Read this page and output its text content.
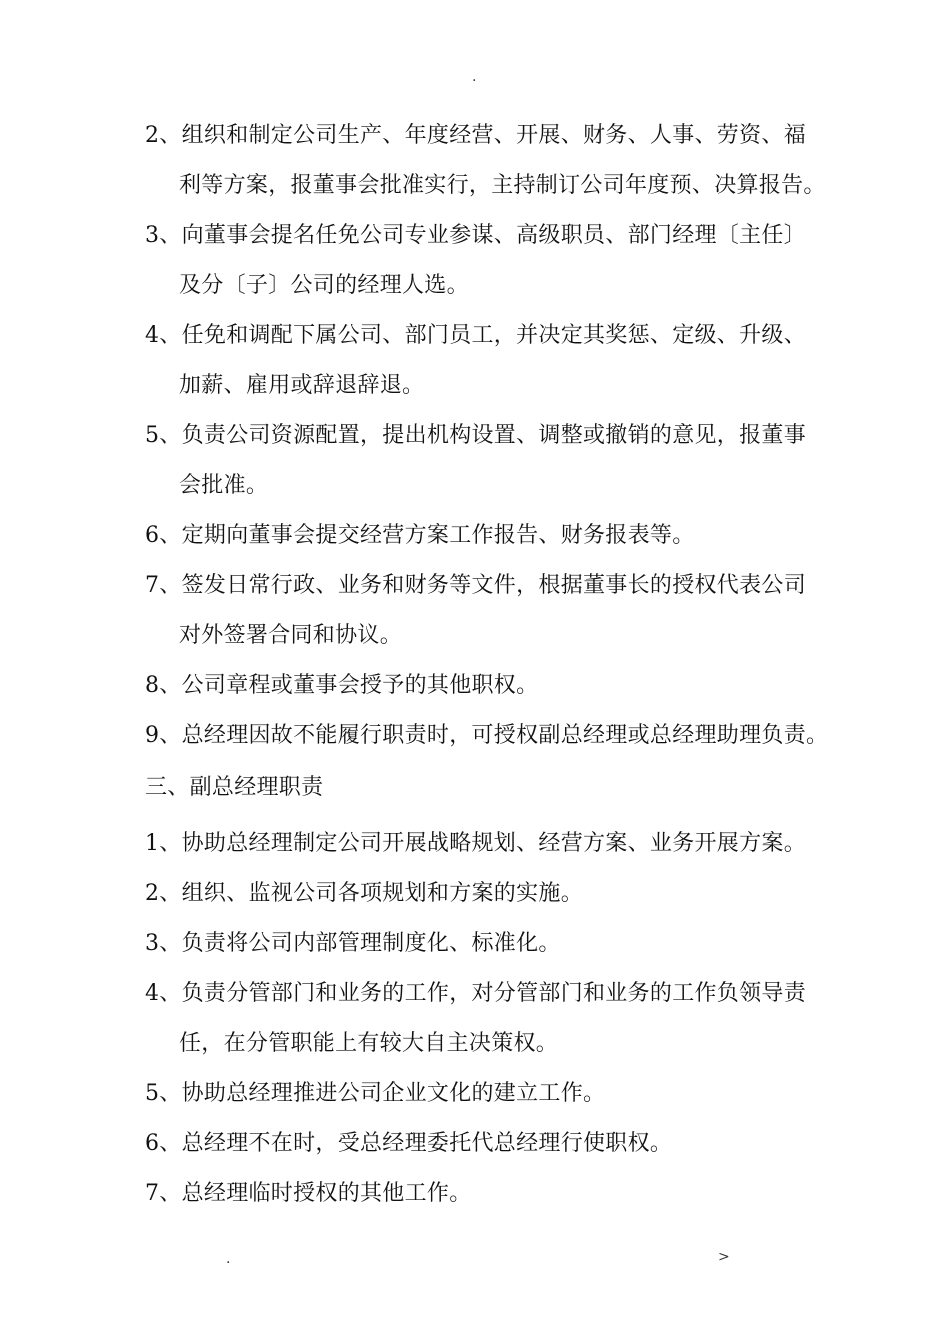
.
2、组织和制定公司生产、年度经营、开展、财务、人事、劳资、福
利等方案，报董事会批准实行，主持制订公司年度预、决算报告。
3、向董事会提名任免公司专业参谋、高级职员、部门经理〔主任〕
及分〔子〕公司的经理人选。
4、任免和调配下属公司、部门员工，并决定其奖惩、定级、升级、
加薪、雇用或辞退辞退。
5、负责公司资源配置，提出机构设置、调整或撤销的意见，报董事
会批准。
6、定期向董事会提交经营方案工作报告、财务报表等。
7、签发日常行政、业务和财务等文件，根据董事长的授权代表公司
对外签署合同和协议。
8、公司章程或董事会授予的其他职权。
9、总经理因故不能履行职责时，可授权副总经理或总经理助理负责。
三、副总经理职责
1、协助总经理制定公司开展战略规划、经营方案、业务开展方案。
2、组织、监视公司各项规划和方案的实施。
3、负责将公司内部管理制度化、标准化。
4、负责分管部门和业务的工作，对分管部门和业务的工作负领导责
任，在分管职能上有较大自主决策权。
5、协助总经理推进公司企业文化的建立工作。
6、总经理不在时，受总经理委托代总经理行使职权。
7、总经理临时授权的其他工作。
.	>
